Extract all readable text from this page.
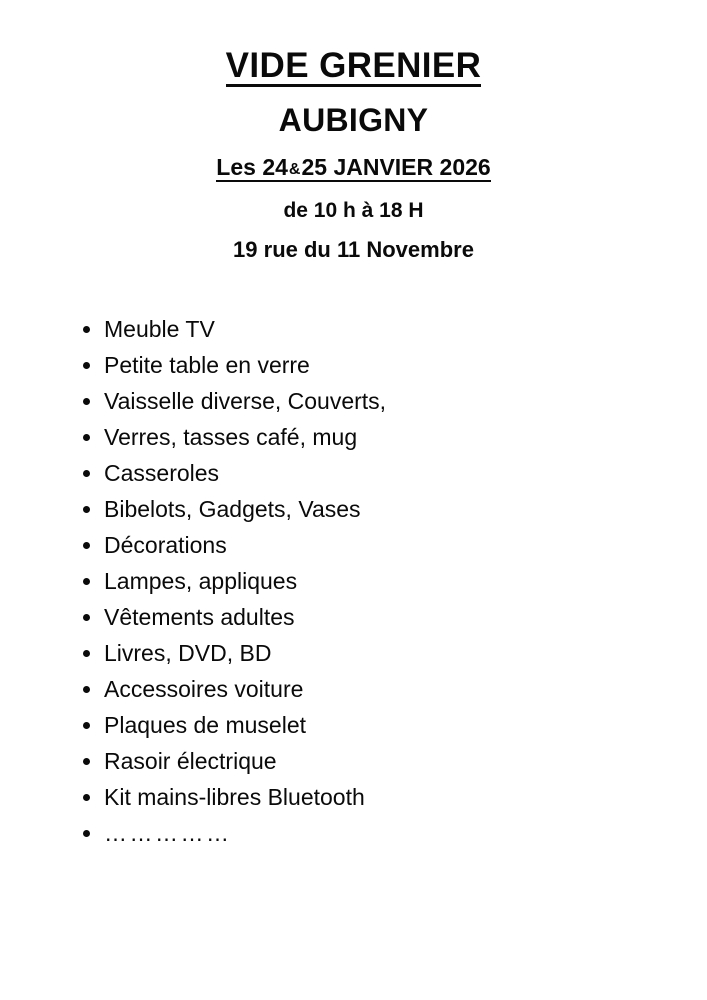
VIDE GRENIER
AUBIGNY
Les 24&25 JANVIER 2026
de 10 h à 18 H
19 rue du 11 Novembre
Meuble TV
Petite table en verre
Vaisselle diverse, Couverts,
Verres, tasses café, mug
Casseroles
Bibelots, Gadgets, Vases
Décorations
Lampes, appliques
Vêtements adultes
Livres, DVD, BD
Accessoires voiture
Plaques de muselet
Rasoir électrique
Kit mains-libres Bluetooth
……………
